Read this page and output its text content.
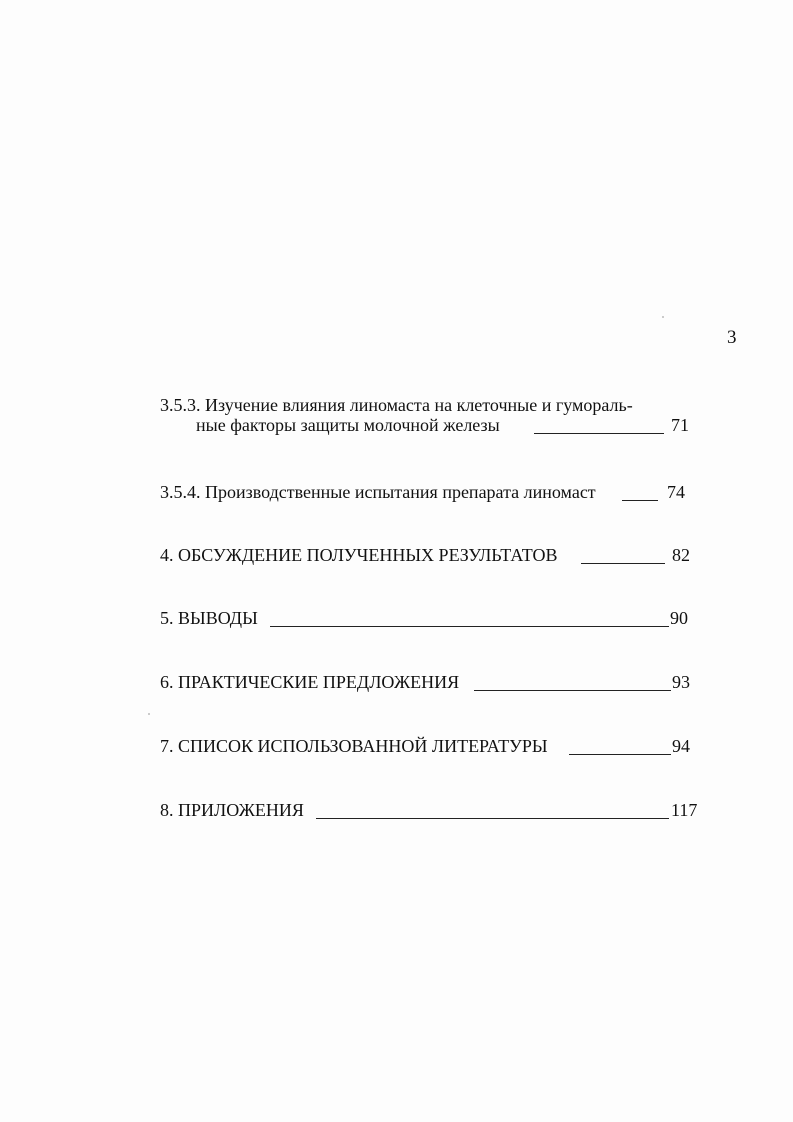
3
3.5.3. Изучение влияния линомаста на клеточные и гумораль-
ные факторы защиты молочной железы	71
3.5.4. Производственные испытания препарата линомаст	74
4. ОБСУЖДЕНИЕ ПОЛУЧЕННЫХ РЕЗУЛЬТАТОВ	82
5. ВЫВОДЫ	90
6. ПРАКТИЧЕСКИЕ ПРЕДЛОЖЕНИЯ	93
7. СПИСОК ИСПОЛЬЗОВАННОЙ ЛИТЕРАТУРЫ	94
8. ПРИЛОЖЕНИЯ	117
